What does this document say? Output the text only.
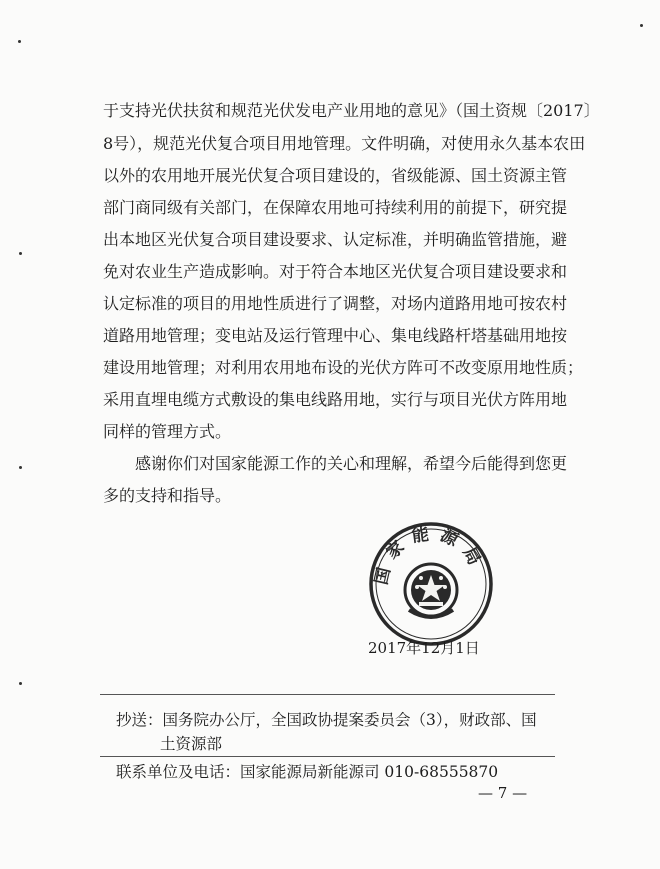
于支持光伏扶贫和规范光伏发电产业用地的意见》（国土资规〔2017〕
8号），规范光伏复合项目用地管理。文件明确，对使用永久基本农田
以外的农用地开展光伏复合项目建设的，省级能源、国土资源主管
部门商同级有关部门，在保障农用地可持续利用的前提下，研究提
出本地区光伏复合项目建设要求、认定标准，并明确监管措施，避
免对农业生产造成影响。对于符合本地区光伏复合项目建设要求和
认定标准的项目的用地性质进行了调整，对场内道路用地可按农村
道路用地管理；变电站及运行管理中心、集电线路杆塔基础用地按
建设用地管理；对利用农用地布设的光伏方阵可不改变原用地性质；
采用直埋电缆方式敷设的集电线路用地，实行与项目光伏方阵用地
同样的管理方式。
感谢你们对国家能源工作的关心和理解，希望今后能得到您更
多的支持和指导。
国家能源局
2017年12月1日
抄送：国务院办公厅，全国政协提案委员会（3），财政部、国
土资源部
联系单位及电话：国家能源局新能源司 010-68555870
— 7 —
